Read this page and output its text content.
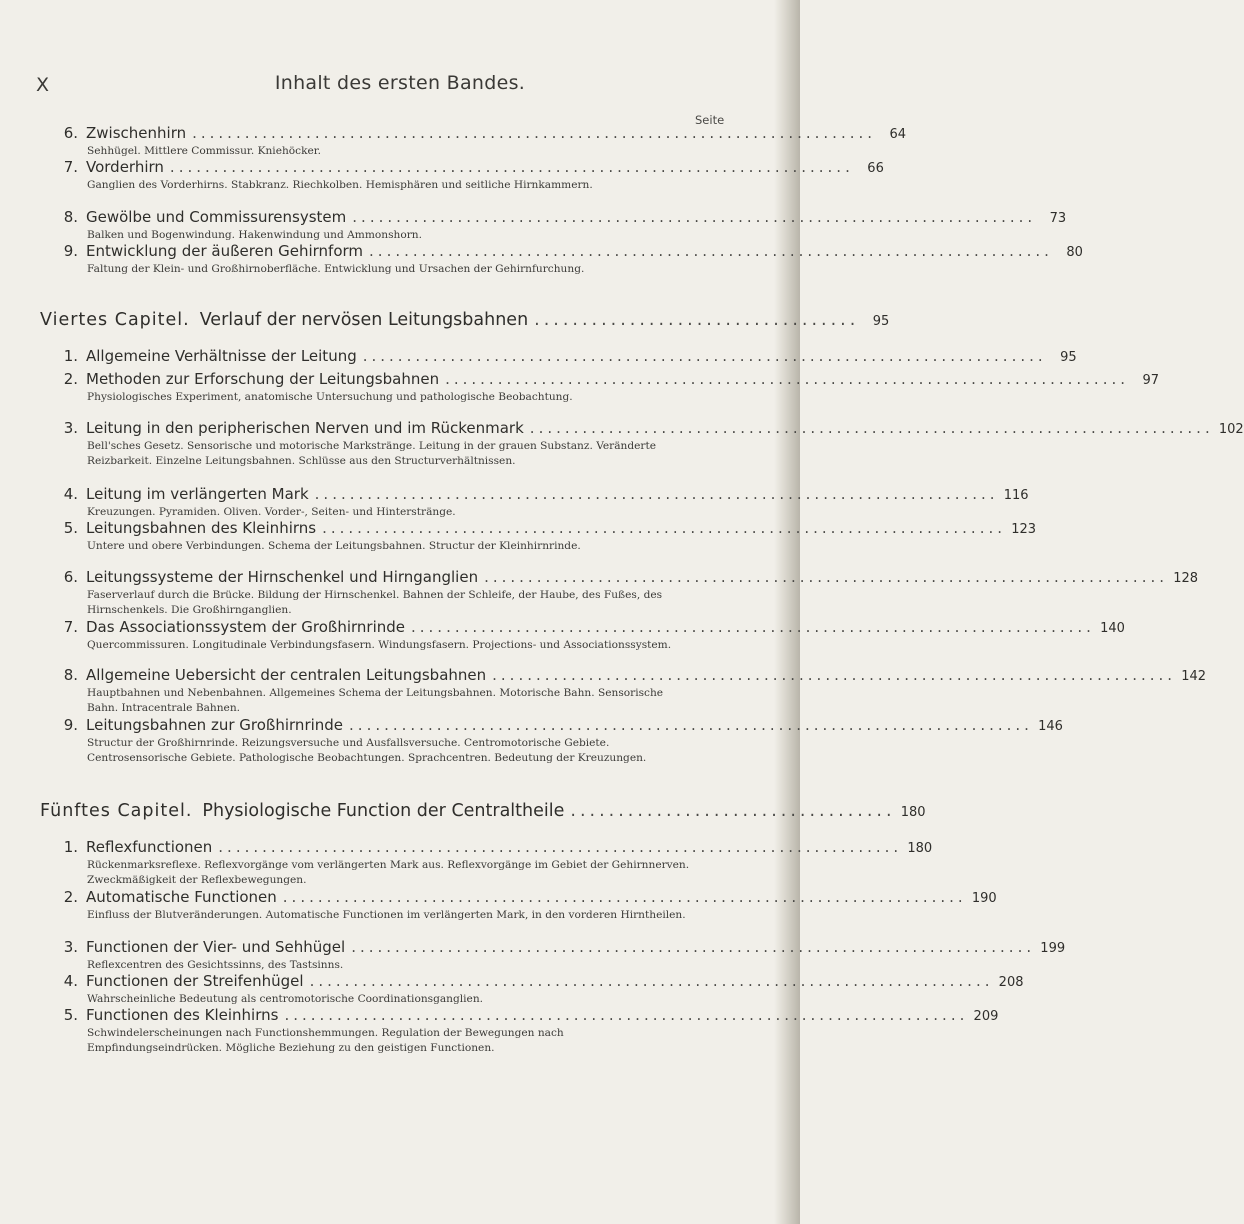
X	Inhalt des ersten Bandes.
Seite
6. Zwischenhirn ..............................................................................	64
Sehhügel. Mittlere Commissur. Kniehöcker.
7. Vorderhirn ..............................................................................	66
Ganglien des Vorderhirns. Stabkranz. Riechkolben. Hemisphären und seitliche Hirnkammern.
8. Gewölbe und Commissurensystem ..............................................................................	73
Balken und Bogenwindung. Hakenwindung und Ammonshorn.
9. Entwicklung der äußeren Gehirnform ..............................................................................	80
Faltung der Klein- und Großhirnoberfläche. Entwicklung und Ursachen der Gehirnfurchung.
Viertes Capitel. Verlauf der nervösen Leitungsbahnen ..................................	95
1. Allgemeine Verhältnisse der Leitung ..............................................................................	95
2. Methoden zur Erforschung der Leitungsbahnen ..............................................................................	97
Physiologisches Experiment, anatomische Untersuchung und pathologische Beobachtung.
3. Leitung in den peripherischen Nerven und im Rückenmark .............................................................................. 102
Bell'sches Gesetz. Sensorische und motorische Markstränge. Leitung in der grauen Substanz. Veränderte Reizbarkeit. Einzelne Leitungsbahnen. Schlüsse aus den Structurverhältnissen.
4. Leitung im verlängerten Mark .............................................................................. 116
Kreuzungen. Pyramiden. Oliven. Vorder-, Seiten- und Hinterstränge.
5. Leitungsbahnen des Kleinhirns .............................................................................. 123
Untere und obere Verbindungen. Schema der Leitungsbahnen. Structur der Kleinhirnrinde.
6. Leitungssysteme der Hirnschenkel und Hirnganglien .............................................................................. 128
Faserverlauf durch die Brücke. Bildung der Hirnschenkel. Bahnen der Schleife, der Haube, des Fußes, des Hirnschenkels. Die Großhirnganglien.
7. Das Associationssystem der Großhirnrinde .............................................................................. 140
Quercommissuren. Longitudinale Verbindungsfasern. Windungsfasern. Projections- und Associationssystem.
8. Allgemeine Uebersicht der centralen Leitungsbahnen .............................................................................. 142
Hauptbahnen und Nebenbahnen. Allgemeines Schema der Leitungsbahnen. Motorische Bahn. Sensorische Bahn. Intracentrale Bahnen.
9. Leitungsbahnen zur Großhirnrinde .............................................................................. 146
Structur der Großhirnrinde. Reizungsversuche und Ausfallsversuche. Centromotorische Gebiete. Centrosensorische Gebiete. Pathologische Beobachtungen. Sprachcentren. Bedeutung der Kreuzungen.
Fünftes Capitel. Physiologische Function der Centraltheile .................................. 180
1. Reflexfunctionen .............................................................................. 180
Rückenmarksreflexe. Reflexvorgänge vom verlängerten Mark aus. Reflexvorgänge im Gebiet der Gehirnnerven. Zweckmäßigkeit der Reflexbewegungen.
2. Automatische Functionen .............................................................................. 190
Einfluss der Blutveränderungen. Automatische Functionen im verlängerten Mark, in den vorderen Hirntheilen.
3. Functionen der Vier- und Sehhügel .............................................................................. 199
Reflexcentren des Gesichtssinns, des Tastsinns.
4. Functionen der Streifenhügel .............................................................................. 208
Wahrscheinliche Bedeutung als centromotorische Coordinationsganglien.
5. Functionen des Kleinhirns .............................................................................. 209
Schwindelerscheinungen nach Functionshemmungen. Regulation der Bewegungen nach Empfindungseindrücken. Mögliche Beziehung zu den geistigen Functionen.
